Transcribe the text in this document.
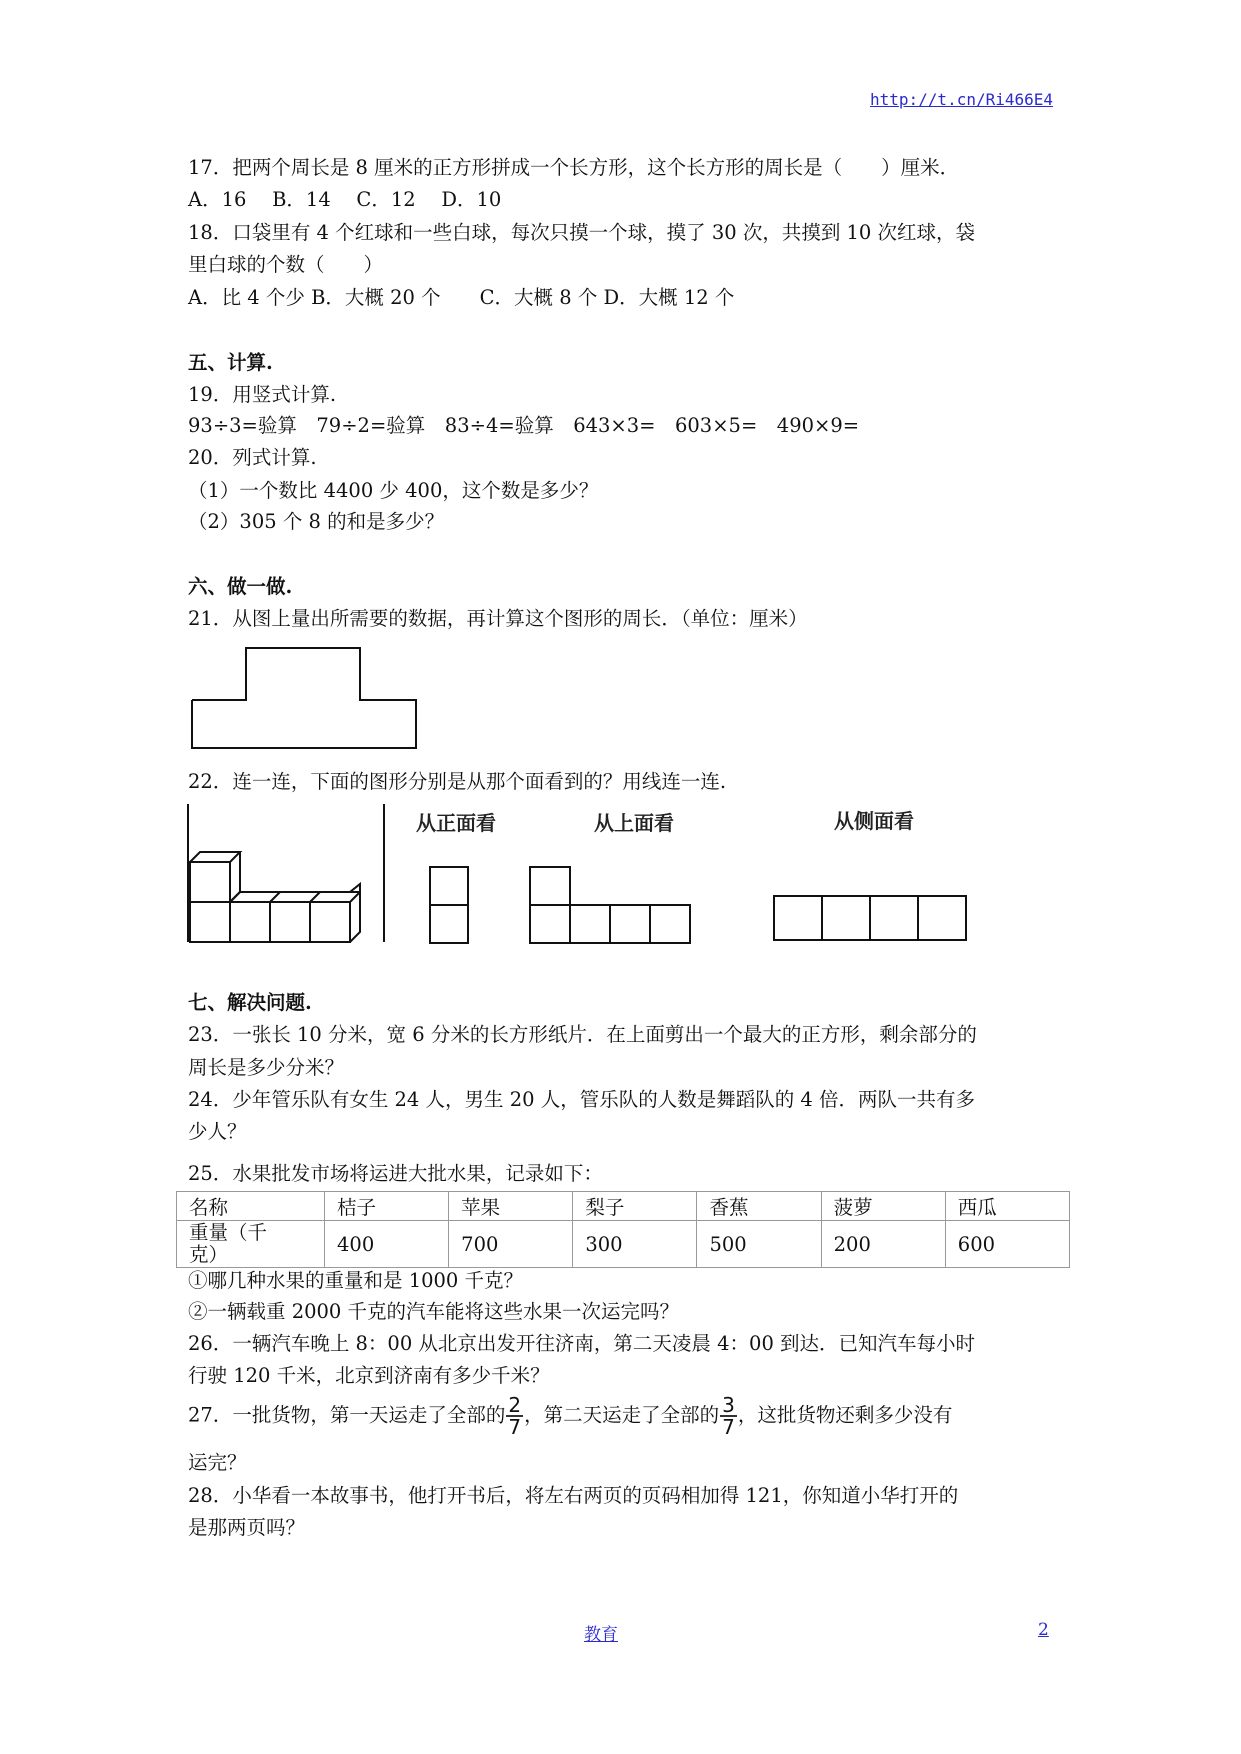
http://t.cn/Ri466E4
17．把两个周长是 8 厘米的正方形拼成一个长方形，这个长方形的周长是（　　）厘米．
A．16　 B．14　 C．12　 D．10
18．口袋里有 4 个红球和一些白球，每次只摸一个球，摸了 30 次，共摸到 10 次红球，袋
里白球的个数（　　）
A．比 4 个少 B．大概 20 个　　C．大概 8 个 D．大概 12 个
五、计算.
19．用竖式计算.
93÷3=验算　79÷2=验算　83÷4=验算　643×3=　603×5=　490×9=
20．列式计算.
（1）一个数比 4400 少 400，这个数是多少？
（2）305 个 8 的和是多少？
六、做一做.
21．从图上量出所需要的数据，再计算这个图形的周长．（单位：厘米）
22．连一连，下面的图形分别是从那个面看到的？用线连一连.
从正面看	从上面看	从侧面看
七、解决问题.
23．一张长 10 分米，宽 6 分米的长方形纸片．在上面剪出一个最大的正方形，剩余部分的
周长是多少分米？
24．少年管乐队有女生 24 人，男生 20 人，管乐队的人数是舞蹈队的 4 倍．两队一共有多
少人？
25．水果批发市场将运进大批水果，记录如下：
名称	桔子	苹果	梨子	香蕉	菠萝	西瓜
重量（千
克）	400	700	300	500	200	600
①哪几种水果的重量和是 1000 千克？
②一辆载重 2000 千克的汽车能将这些水果一次运完吗？
26．一辆汽车晚上 8：00 从北京出发开往济南，第二天凌晨 4：00 到达．已知汽车每小时
行驶 120 千米，北京到济南有多少千米？
27．一批货物，第一天运走了全部的 $\frac{2}{7}$ ，第二天运走了全部的 $\frac{3}{7}$ ，这批货物还剩多少没有
运完？
28．小华看一本故事书，他打开书后，将左右两页的页码相加得 121，你知道小华打开的
是那两页吗？
教育	2
